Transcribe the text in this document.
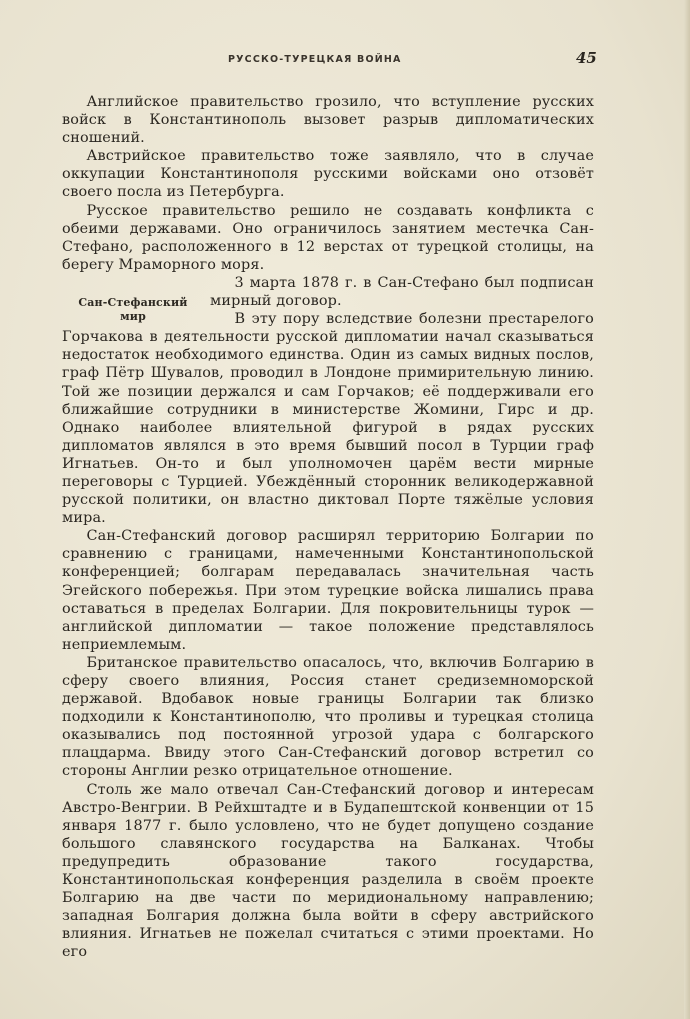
РУССКО-ТУРЕЦКАЯ ВОЙНА	45

Английское правительство грозило, что вступление русских войск в Константинополь вызовет разрыв дипломатических сношений.

Австрийское правительство тоже заявляло, что в случае оккупации Константинополя русскими войсками оно отзовёт своего посла из Петербурга.

Русское правительство решило не создавать конфликта с обеими державами. Оно ограничилось занятием местечка Сан-Стефано, расположенного в 12 верстах от турецкой столицы, на берегу Мраморного моря.

Сан-Стефанский
мир

3 марта 1878 г. в Сан-Стефано был подписан мирный договор.

В эту пору вследствие болезни престарелого Горчакова в деятельности русской дипломатии начал сказываться недостаток необходимого единства. Один из самых видных послов, граф Пётр Шувалов, проводил в Лондоне примирительную линию. Той же позиции держался и сам Горчаков; её поддерживали его ближайшие сотрудники в министерстве Жомини, Гирс и др. Однако наиболее влиятельной фигурой в рядах русских дипломатов являлся в это время бывший посол в Турции граф Игнатьев. Он-то и был уполномочен царём вести мирные переговоры с Турцией. Убеждённый сторонник великодержавной русской политики, он властно диктовал Порте тяжёлые условия мира.

Сан-Стефанский договор расширял территорию Болгарии по сравнению с границами, намеченными Константинопольской конференцией; болгарам передавалась значительная часть Эгейского побережья. При этом турецкие войска лишались права оставаться в пределах Болгарии. Для покровительницы турок — английской дипломатии — такое положение представлялось неприемлемым.

Британское правительство опасалось, что, включив Болгарию в сферу своего влияния, Россия станет средиземноморской державой. Вдобавок новые границы Болгарии так близко подходили к Константинополю, что проливы и турецкая столица оказывались под постоянной угрозой удара с болгарского плацдарма. Ввиду этого Сан-Стефанский договор встретил со стороны Англии резко отрицательное отношение.

Столь же мало отвечал Сан-Стефанский договор и интересам Австро-Венгрии. В Рейхштадте и в Будапештской конвенции от 15 января 1877 г. было условлено, что не будет допущено создание большого славянского государства на Балканах. Чтобы предупредить образование такого государства, Константинопольская конференция разделила в своём проекте Болгарию на две части по меридиональному направлению; западная Болгария должна была войти в сферу австрийского влияния. Игнатьев не пожелал считаться с этими проектами. Но его
